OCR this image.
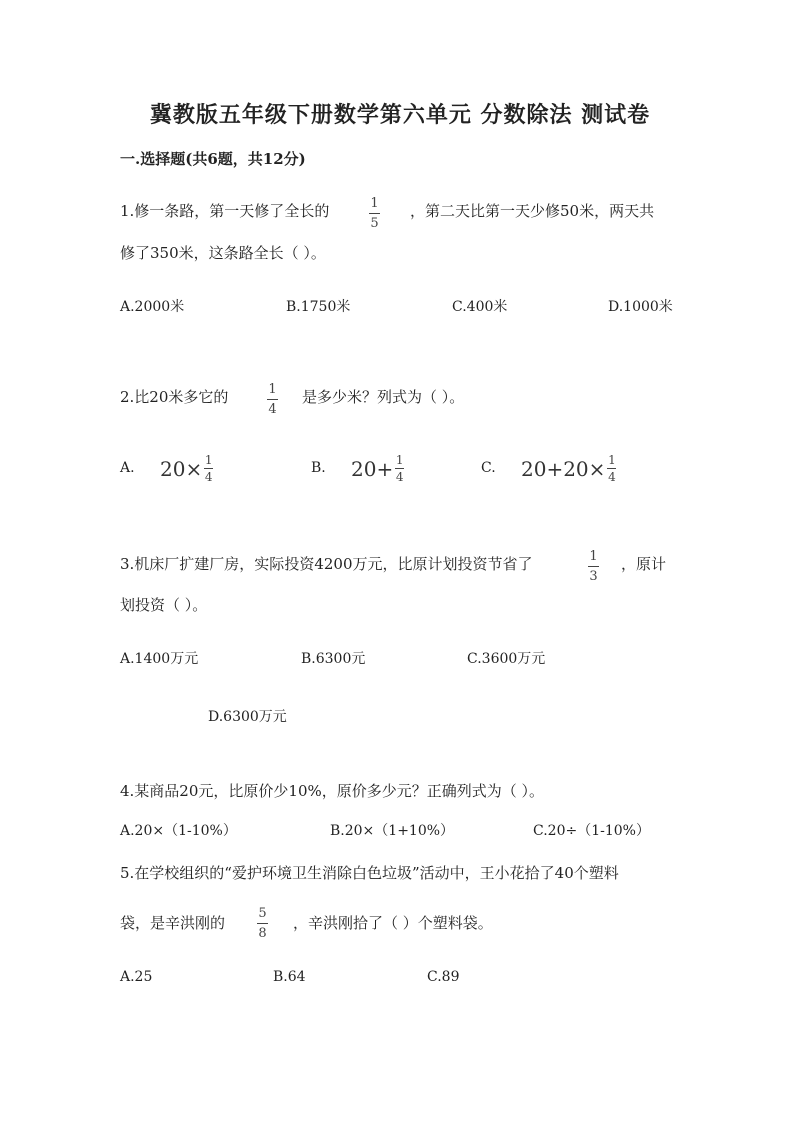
冀教版五年级下册数学第六单元 分数除法 测试卷
一.选择题(共6题，共12分)
1.修一条路，第一天修了全长的	1
5
，第二天比第一天少修50米，两天共
修了350米，这条路全长（ ）。
A.2000米	B.1750米	C.400米	D.1000米
2.比20米多它的	1
4
是多少米？列式为（ ）。
A. $20\times \frac{1}{4}$	B. $20+ \frac{1}{4}$	C. $20+20\times \frac{1}{4}$
3.机床厂扩建厂房，实际投资4200万元，比原计划投资节省了	1
3
，原计
划投资（ ）。
A.1400万元	B.6300元	C.3600万元
D.6300万元
4.某商品20元，比原价少10%，原价多少元？正确列式为（ ）。
A.20×（1-10%）	B.20×（1+10%）	C.20÷（1-10%）
5.在学校组织的“爱护环境卫生消除白色垃圾”活动中，王小花拾了40个塑料
袋，是辛洪刚的
5
8
，辛洪刚拾了（ ）个塑料袋。
A.25	B.64	C.89
